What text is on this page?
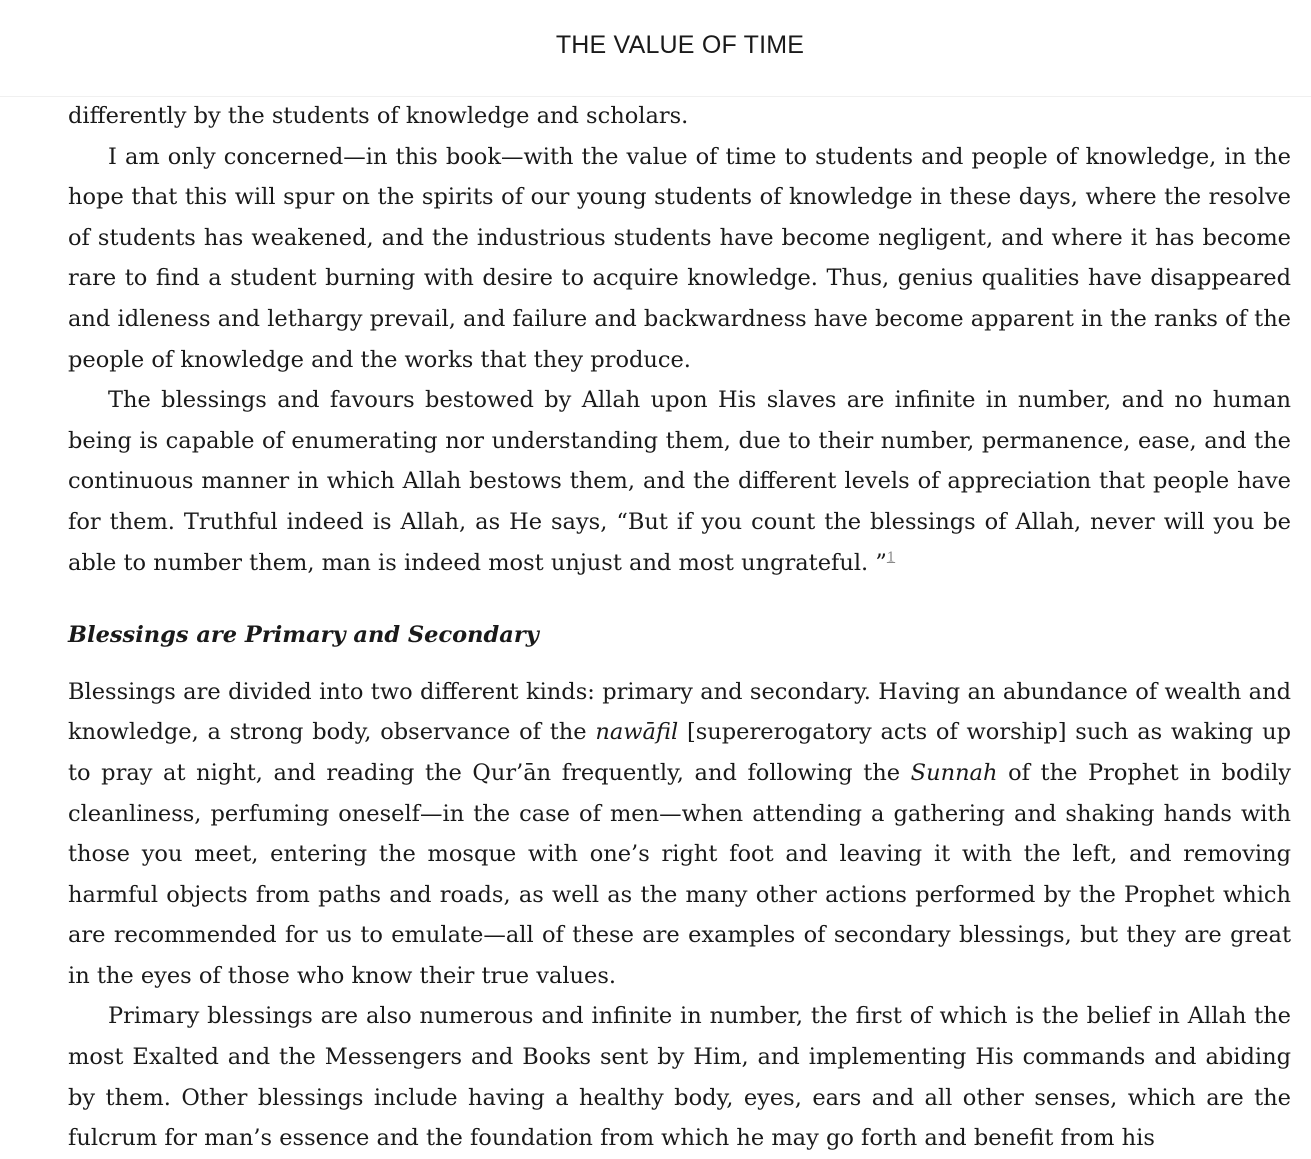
THE VALUE OF TIME

differently by the students of knowledge and scholars.

I am only concerned—in this book—with the value of time to students and people of knowledge, in the hope that this will spur on the spirits of our young students of knowledge in these days, where the resolve of students has weakened, and the industrious students have become negligent, and where it has become rare to find a student burning with desire to acquire knowledge. Thus, genius qualities have disappeared and idleness and lethargy prevail, and failure and backwardness have become apparent in the ranks of the people of knowledge and the works that they produce.

The blessings and favours bestowed by Allah upon His slaves are infinite in number, and no human being is capable of enumerating nor understanding them, due to their number, permanence, ease, and the continuous manner in which Allah bestows them, and the different levels of appreciation that people have for them. Truthful indeed is Allah, as He says, “But if you count the blessings of Allah, never will you be able to number them, man is indeed most unjust and most ungrateful. ”$^1$

Blessings are Primary and Secondary

Blessings are divided into two different kinds: primary and secondary. Having an abundance of wealth and knowledge, a strong body, observance of the nawāfil [supererogatory acts of worship] such as waking up to pray at night, and reading the Qur’ān frequently, and following the Sunnah of the Prophet in bodily cleanliness, perfuming oneself—in the case of men—when attending a gathering and shaking hands with those you meet, entering the mosque with one’s right foot and leaving it with the left, and removing harmful objects from paths and roads, as well as the many other actions performed by the Prophet which are recommended for us to emulate—all of these are examples of secondary blessings, but they are great in the eyes of those who know their true values.

Primary blessings are also numerous and infinite in number, the first of which is the belief in Allah the most Exalted and the Messengers and Books sent by Him, and implementing His commands and abiding by them. Other blessings include having a healthy body, eyes, ears and all other senses, which are the fulcrum for man’s essence and the foundation from which he may go forth and benefit from his
